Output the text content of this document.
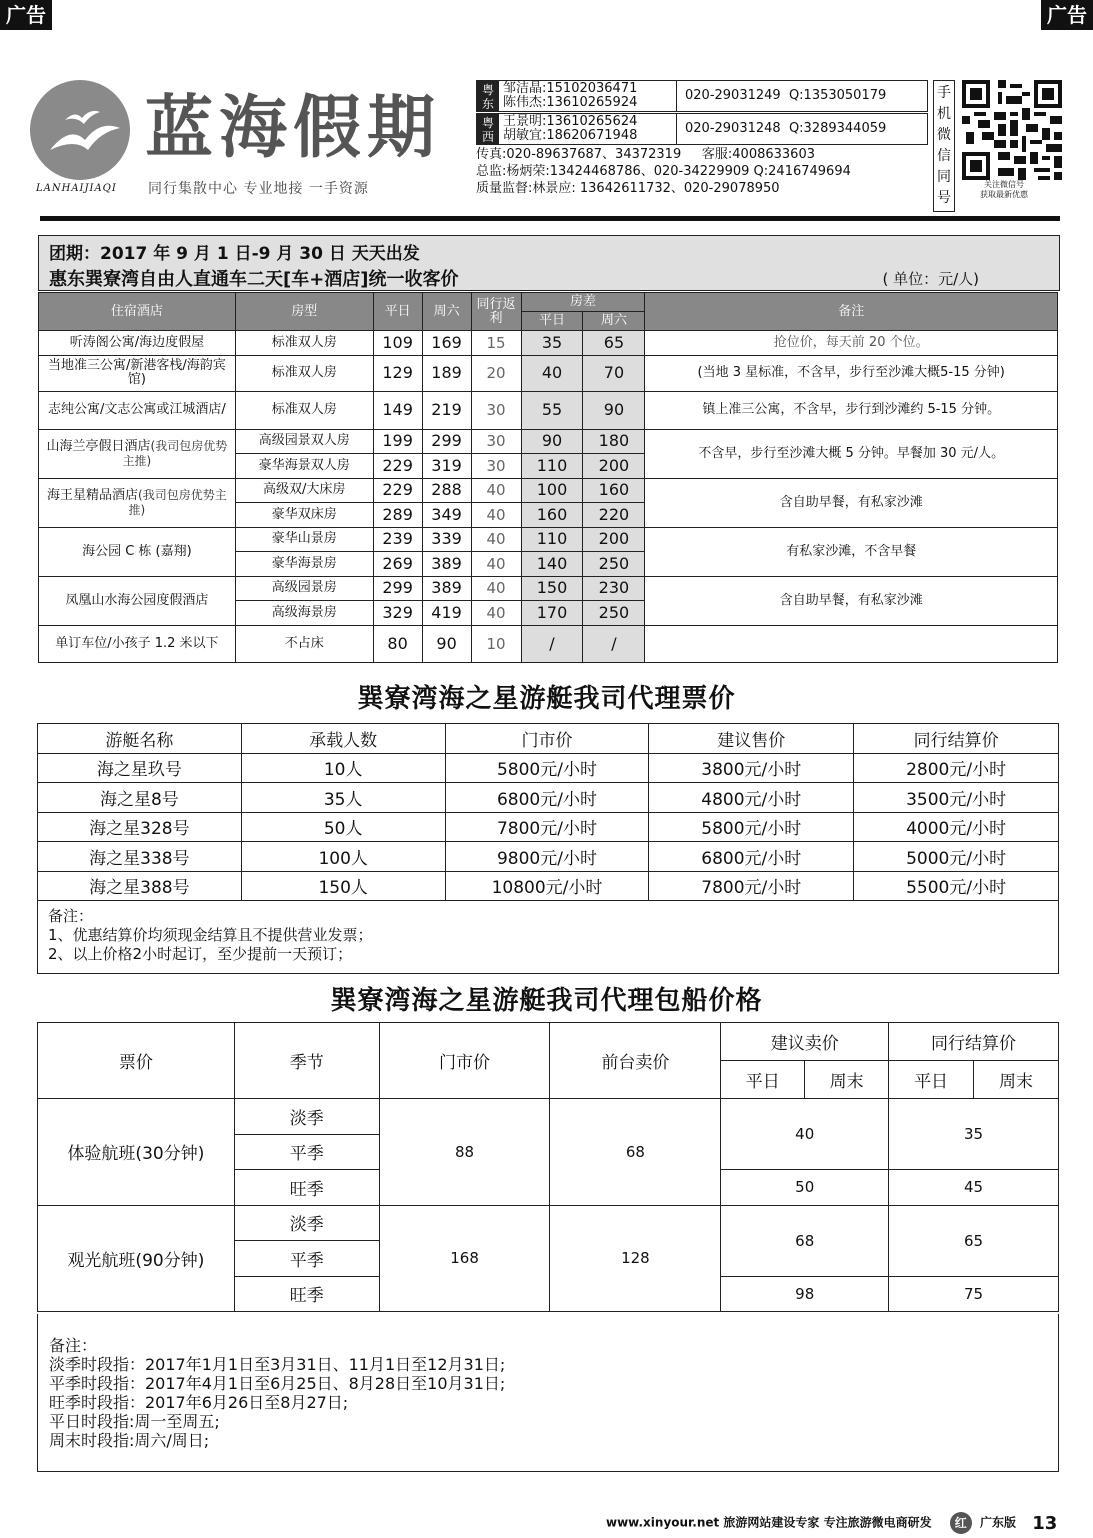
广告	广告
LANHAIJIAQI
蓝海假期
同行集散中心 专业地接 一手资源
粤东
邹洁晶:15102036471
陈伟杰:13610265924	020-29031249 Q:1353050179
粤西
王景明:13610265624
胡敏宜:18620671948	020-29031248 Q:3289344059
传真:020-89637687、34372319 客服:4008633603
总监:杨炳荣:13424468786、020-34229909 Q:2416749694
质量监督:林景应: 13642611732、020-29078950
手机微信同号
关注微信号
获取最新优惠
团期：2017 年 9 月 1 日-9 月 30 日 天天出发
惠东巽寮湾自由人直通车二天[车+酒店]统一收客价	( 单位：元/人)
住宿酒店	房型	平日	周六	同行返利	房差		备注
					平日	周六	
听涛阁公寓/海边度假屋	标准双人房	109	169	15	35	65	抢位价，每天前 20 个位。
当地准三公寓/新港客栈/海韵宾馆)	标准双人房	129	189	20	40	70	(当地 3 星标准，不含早，步行至沙滩大概5-15 分钟)
志纯公寓/文志公寓或江城酒店/	标准双人房	149	219	30	55	90	镇上准三公寓，不含早，步行到沙滩约 5-15 分钟。
山海兰亭假日酒店(我司包房优势主推)	高级园景双人房	199	299	30	90	180	不含早，步行至沙滩大概 5 分钟。早餐加 30 元/人。
	豪华海景双人房	229	319	30	110	200	
海王星精品酒店(我司包房优势主推)	高级双/大床房	229	288	40	100	160	含自助早餐，有私家沙滩
	豪华双床房	289	349	40	160	220	
海公园 C 栋 (嘉翔)	豪华山景房	239	339	40	110	200	有私家沙滩，不含早餐
	豪华海景房	269	389	40	140	250	
凤凰山水海公园度假酒店	高级园景房	299	389	40	150	230	含自助早餐，有私家沙滩
	高级海景房	329	419	40	170	250	
单订车位/小孩子 1.2 米以下	不占床	80	90	10	/	/	
巽寮湾海之星游艇我司代理票价
游艇名称	承载人数	门市价	建议售价	同行结算价
海之星玖号	10人	5800元/小时	3800元/小时	2800元/小时
海之星8号	35人	6800元/小时	4800元/小时	3500元/小时
海之星328号	50人	7800元/小时	5800元/小时	4000元/小时
海之星338号	100人	9800元/小时	6800元/小时	5000元/小时
海之星388号	150人	10800元/小时	7800元/小时	5500元/小时
备注：
1、优惠结算价均须现金结算且不提供营业发票；
2、以上价格2小时起订，至少提前一天预订；
巽寮湾海之星游艇我司代理包船价格
票价	季节	门市价	前台卖价	建议卖价		同行结算价	
				平日	周末	平日	周末
体验航班(30分钟)	淡季	88	68	40		35	
	平季						
	旺季			50		45	
观光航班(90分钟)	淡季	168	128	68		65	
	平季						
	旺季			98		75	
备注：
淡季时段指：2017年1月1日至3月31日、11月1日至12月31日;
平季时段指：2017年4月1日至6月25日、8月28日至10月31日;
旺季时段指：2017年6月26日至8月27日;
平日时段指:周一至周五;
周末时段指:周六/周日;
www.xinyour.net 旅游网站建设专家 专注旅游微电商研发 红 广东版 13
